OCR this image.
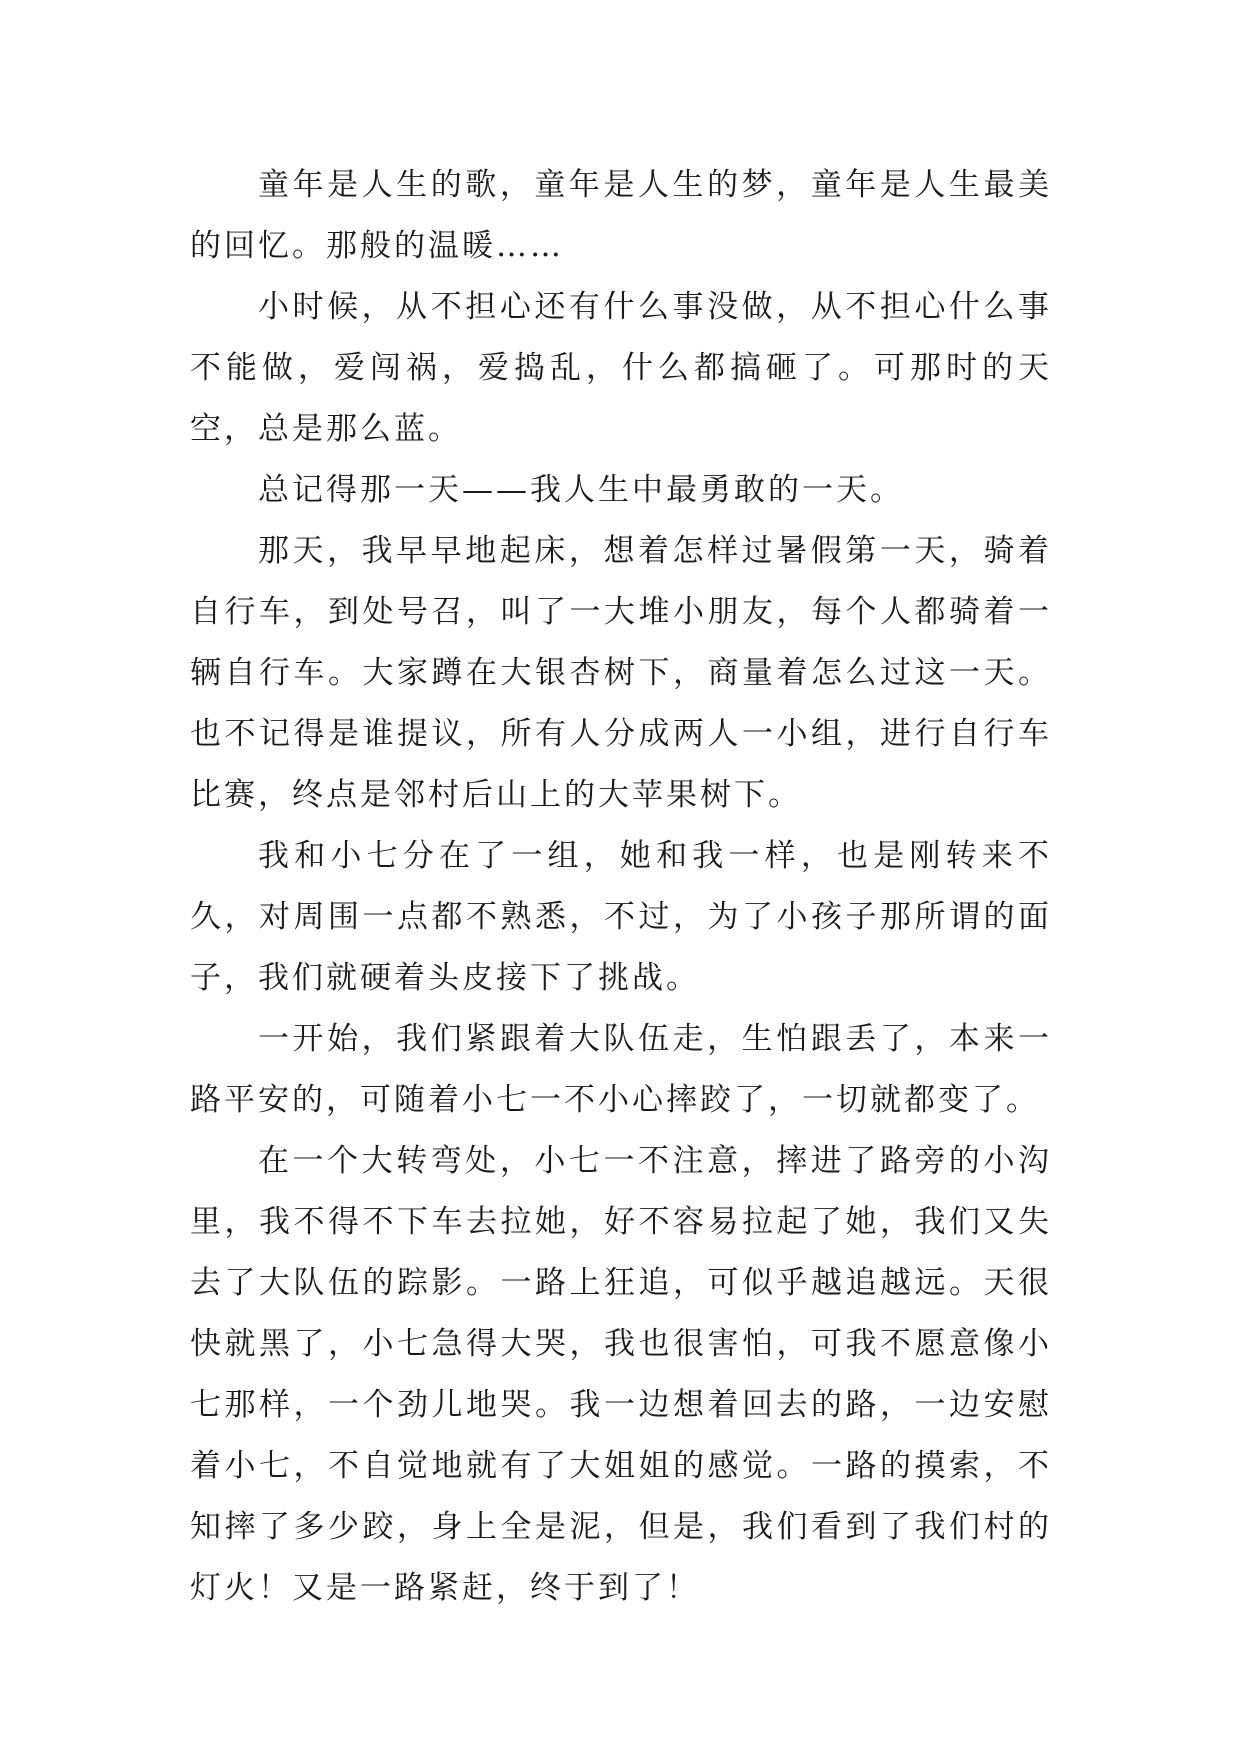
童年是人生的歌，童年是人生的梦，童年是人生最美的回忆。那般的温暖……

小时候，从不担心还有什么事没做，从不担心什么事不能做，爱闯祸，爱捣乱，什么都搞砸了。可那时的天空，总是那么蓝。

总记得那一天——我人生中最勇敢的一天。

那天，我早早地起床，想着怎样过暑假第一天，骑着自行车，到处号召，叫了一大堆小朋友，每个人都骑着一辆自行车。大家蹲在大银杏树下，商量着怎么过这一天。也不记得是谁提议，所有人分成两人一小组，进行自行车比赛，终点是邻村后山上的大苹果树下。

我和小七分在了一组，她和我一样，也是刚转来不久，对周围一点都不熟悉，不过，为了小孩子那所谓的面子，我们就硬着头皮接下了挑战。

一开始，我们紧跟着大队伍走，生怕跟丢了，本来一路平安的，可随着小七一不小心摔跤了，一切就都变了。

在一个大转弯处，小七一不注意，摔进了路旁的小沟里，我不得不下车去拉她，好不容易拉起了她，我们又失去了大队伍的踪影。一路上狂追，可似乎越追越远。天很快就黑了，小七急得大哭，我也很害怕，可我不愿意像小七那样，一个劲儿地哭。我一边想着回去的路，一边安慰着小七，不自觉地就有了大姐姐的感觉。一路的摸索，不知摔了多少跤，身上全是泥，但是，我们看到了我们村的灯火！又是一路紧赶，终于到了！
